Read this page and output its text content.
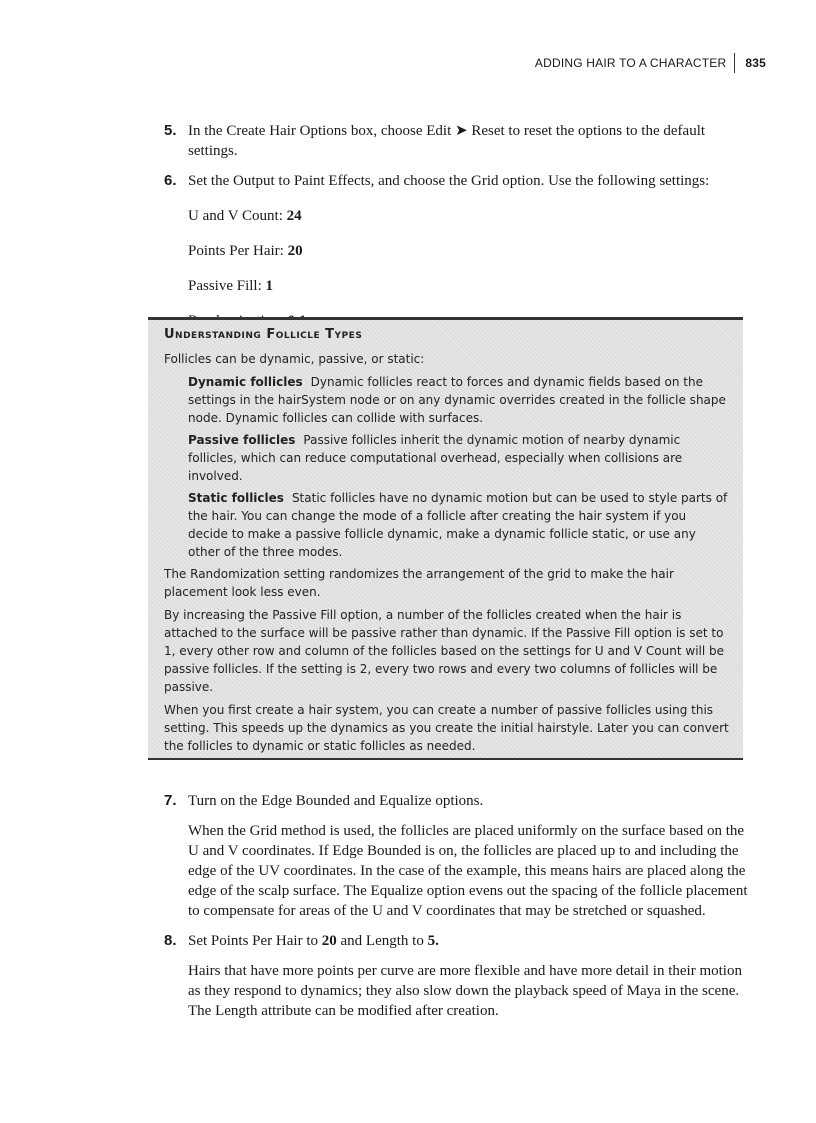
ADDING HAIR TO A CHARACTER	835
5. In the Create Hair Options box, choose Edit ➤ Reset to reset the options to the default settings.
6. Set the Output to Paint Effects, and choose the Grid option. Use the following settings:
U and V Count: 24
Points Per Hair: 20
Passive Fill: 1
Understanding Follicle Types
Follicles can be dynamic, passive, or static:
Dynamic follicles Dynamic follicles react to forces and dynamic fields based on the settings in the hairSystem node or on any dynamic overrides created in the follicle shape node. Dynamic follicles can collide with surfaces.
Passive follicles Passive follicles inherit the dynamic motion of nearby dynamic follicles, which can reduce computational overhead, especially when collisions are involved.
Static follicles Static follicles have no dynamic motion but can be used to style parts of the hair. You can change the mode of a follicle after creating the hair system if you decide to make a passive follicle dynamic, make a dynamic follicle static, or use any other of the three modes.
The Randomization setting randomizes the arrangement of the grid to make the hair placement look less even.
By increasing the Passive Fill option, a number of the follicles created when the hair is attached to the surface will be passive rather than dynamic. If the Passive Fill option is set to 1, every other row and column of the follicles based on the settings for U and V Count will be passive follicles. If the setting is 2, every two rows and every two columns of follicles will be passive.
When you first create a hair system, you can create a number of passive follicles using this setting. This speeds up the dynamics as you create the initial hairstyle. Later you can convert the follicles to dynamic or static follicles as needed.
7. Turn on the Edge Bounded and Equalize options.
When the Grid method is used, the follicles are placed uniformly on the surface based on the U and V coordinates. If Edge Bounded is on, the follicles are placed up to and including the edge of the UV coordinates. In the case of the example, this means hairs are placed along the edge of the scalp surface. The Equalize option evens out the spacing of the follicle placement to compensate for areas of the U and V coordinates that may be stretched or squashed.
8. Set Points Per Hair to 20 and Length to 5.
Hairs that have more points per curve are more flexible and have more detail in their motion as they respond to dynamics; they also slow down the playback speed of Maya in the scene. The Length attribute can be modified after creation.
